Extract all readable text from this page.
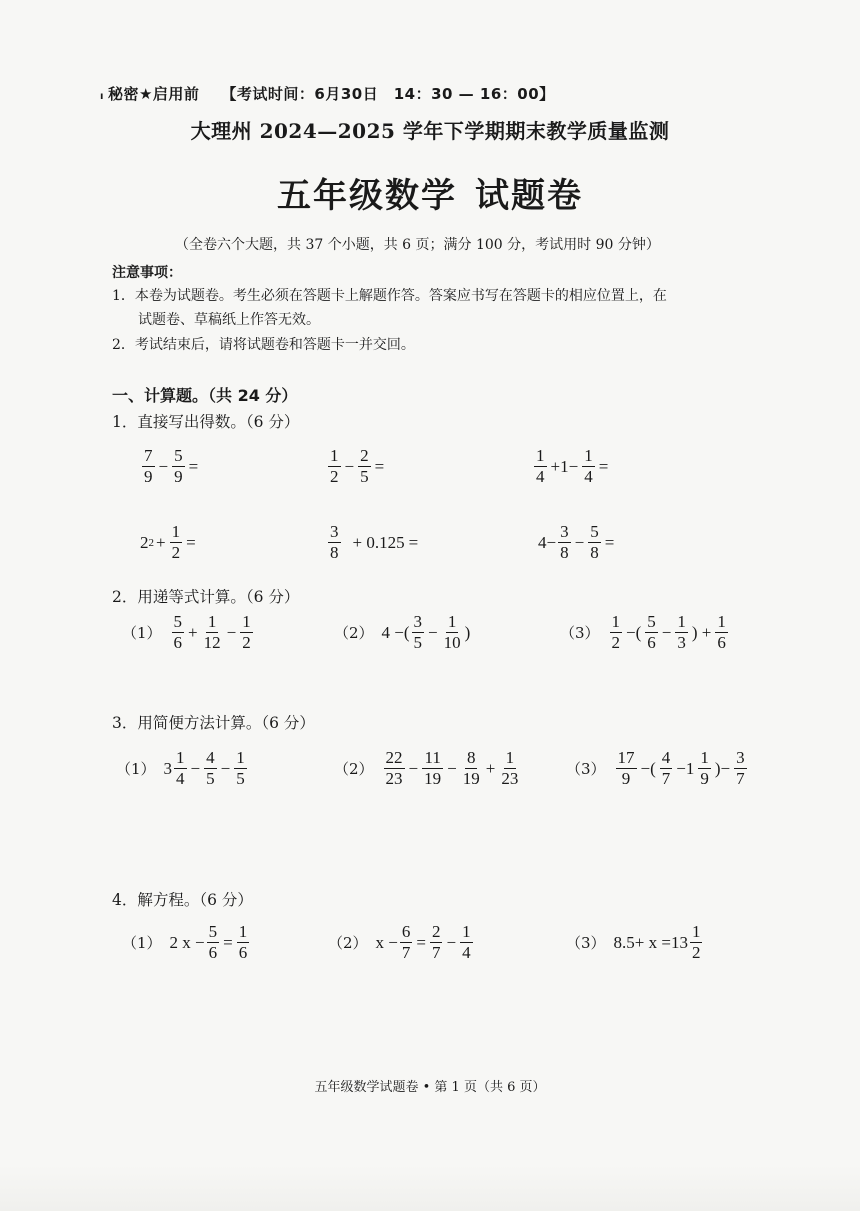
ı 秘密★启用前 【考试时间：6月30日　14：30 — 16：00】
大理州 2024—2025 学年下学期期末教学质量监测
五年级数学 试题卷
（全卷六个大题，共 37 个小题，共 6 页；满分 100 分，考试用时 90 分钟）
注意事项：
1．本卷为试题卷。考生必须在答题卡上解题作答。答案应书写在答题卡的相应位置上，在
试题卷、草稿纸上作答无效。
2．考试结束后，请将试题卷和答题卡一并交回。
一、计算题。（共 24 分）
1．直接写出得数。（6 分）
$\frac{7}{9} - \frac{5}{9}$ =	$\frac{1}{2} - \frac{2}{5}$ =	$\frac{1}{4} +1- \frac{1}{4}$ =
2 $2 + \frac{1}{2}$ =	$\frac{3}{8} + 0.125$ =	$4- \frac{3}{8} - \frac{5}{8}$ =
2．用递等式计算。（6 分）
$(1) \frac{5}{6} + \frac{1}{12} - \frac{1}{2}$	（2） 4 −( $\frac{3}{5} - \frac{1}{10}$ )	$(3) \frac{1}{2}$ −( $\frac{5}{6} - \frac{1}{3}$ ) + $\frac{1}{6}$
3．用简便方法计算。（6 分）
（1） $3 \frac{1}{4} - \frac{4}{5} - \frac{1}{5}$	$(2) \frac{22}{23} - \frac{11}{19} - \frac{8}{19} + \frac{1}{23}$	$(3) \frac{17}{9}$ −( $\frac{4}{7} -1 \frac{1}{9}$ )− $\frac{3}{7}$
4．解方程。（6 分）
（1） 2 $x - \frac{5}{6} = \frac{1}{6}$	（2） $x - \frac{6}{7} = \frac{2}{7} - \frac{1}{4}$	（3） $8.5+ x =13 \frac{1}{2}$
五年级数学试题卷 • 第 1 页（共 6 页）
